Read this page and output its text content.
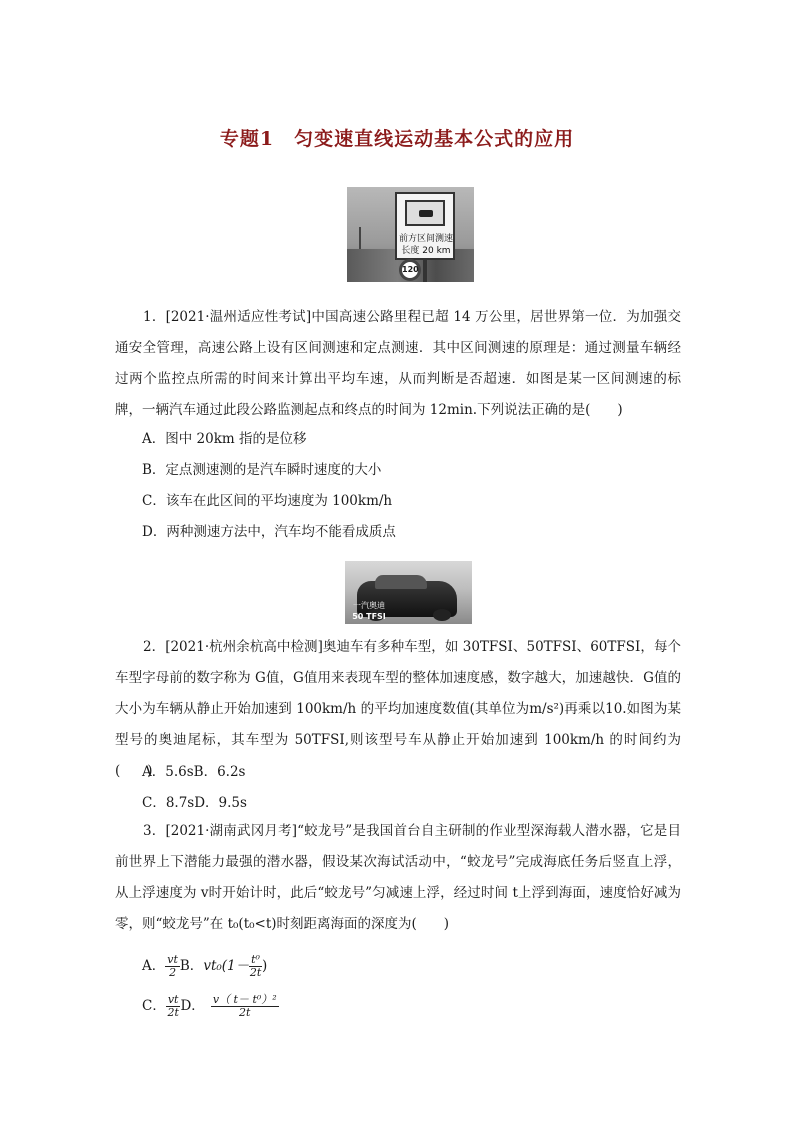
专题1　匀变速直线运动基本公式的应用
前方区间测速
长度 20 km
120
1．[2021·温州适应性考试]中国高速公路里程已超 14 万公里，居世界第一位．为加强交通安全管理，高速公路上设有区间测速和定点测速．其中区间测速的原理是：通过测量车辆经过两个监控点所需的时间来计算出平均车速，从而判断是否超速．如图是某一区间测速的标牌，一辆汽车通过此段公路监测起点和终点的时间为 12min.下列说法正确的是(　　)
A．图中 20km 指的是位移
B．定点测速测的是汽车瞬时速度的大小
C．该车在此区间的平均速度为 100km/h
D．两种测速方法中，汽车均不能看成质点
一汽奥迪
50 TFSI
2．[2021·杭州余杭高中检测]奥迪车有多种车型，如 30TFSI、50TFSI、60TFSI，每个车型字母前的数字称为 G值，G值用来表现车型的整体加速度感，数字越大，加速越快．G值的大小为车辆从静止开始加速到 100km/h 的平均加速度数值(其单位为m/s²)再乘以10.如图为某型号的奥迪尾标，其车型为 50TFSI,则该型号车从静止开始加速到 100km/h 的时间约为(　　)
A．5.6sB．6.2s
C．8.7sD．9.5s
3．[2021·湖南武冈月考]“蛟龙号”是我国首台自主研制的作业型深海载人潜水器，它是目前世界上下潜能力最强的潜水器，假设某次海试活动中，“蛟龙号”完成海底任务后竖直上浮，从上浮速度为 v时开始计时，此后“蛟龙号”匀减速上浮，经过时间 t上浮到海面，速度恰好减为零，则“蛟龙号”在 t₀(t₀<t)时刻距离海面的深度为(　　)
A． $\frac{vt}{2}$ B．$vt_0(1- \frac{\text{t⁰}}{2t}$ )
C． $\frac{vt}{2t}$ D． $\frac{\text{v（ t－ t⁰）²}}{2t}$
